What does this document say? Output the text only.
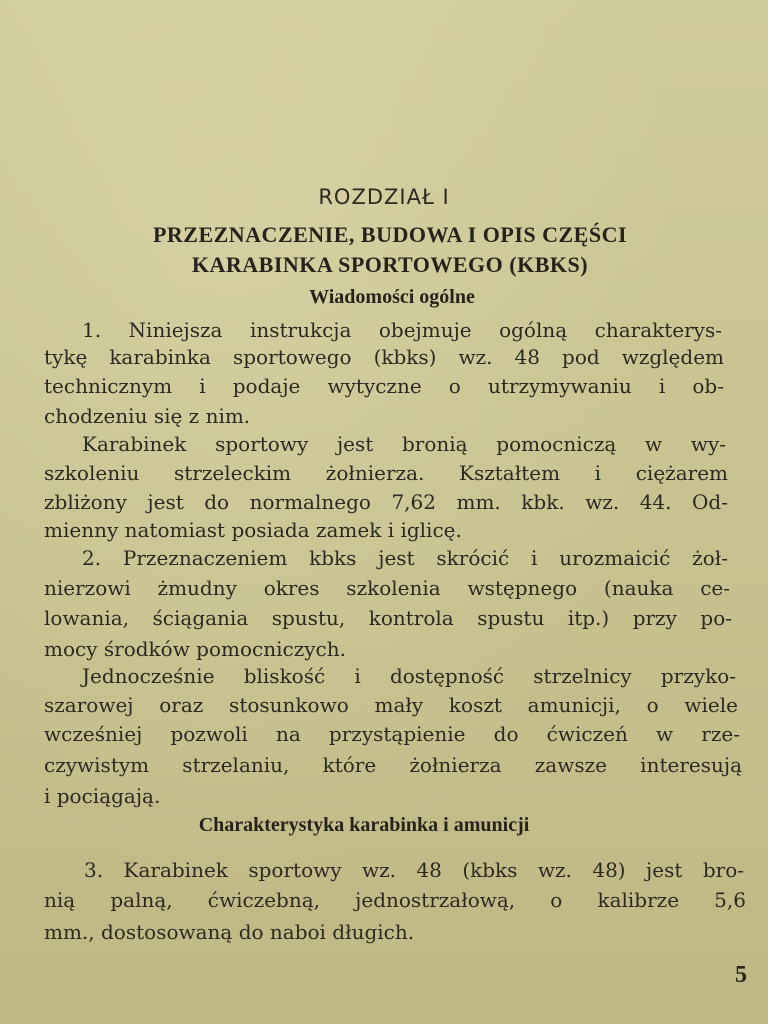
ROZDZIAŁ I
PRZEZNACZENIE, BUDOWA I OPIS CZĘŚCI
KARABINKA SPORTOWEGO (KBKS)
Wiadomości ogólne
1. Niniejsza instrukcja obejmuje ogólną charakterys-
tykę karabinka sportowego (kbks) wz. 48 pod względem
technicznym i podaje wytyczne o utrzymywaniu i ob-
chodzeniu się z nim.
Karabinek sportowy jest bronią pomocniczą w wy-
szkoleniu strzeleckim żołnierza. Kształtem i ciężarem
zbliżony jest do normalnego 7,62 mm. kbk. wz. 44. Od-
mienny natomiast posiada zamek i iglicę.
2. Przeznaczeniem kbks jest skrócić i urozmaicić żoł-
nierzowi żmudny okres szkolenia wstępnego (nauka ce-
lowania, ściągania spustu, kontrola spustu itp.) przy po-
mocy środków pomocniczych.
Jednocześnie bliskość i dostępność strzelnicy przyko-
szarowej oraz stosunkowo mały koszt amunicji, o wiele
wcześniej pozwoli na przystąpienie do ćwiczeń w rze-
czywistym strzelaniu, które żołnierza zawsze interesują
i pociągają.
Charakterystyka karabinka i amunicji
3. Karabinek sportowy wz. 48 (kbks wz. 48) jest bro-
nią palną, ćwiczebną, jednostrzałową, o kalibrze 5,6
mm., dostosowaną do naboi długich.
5
